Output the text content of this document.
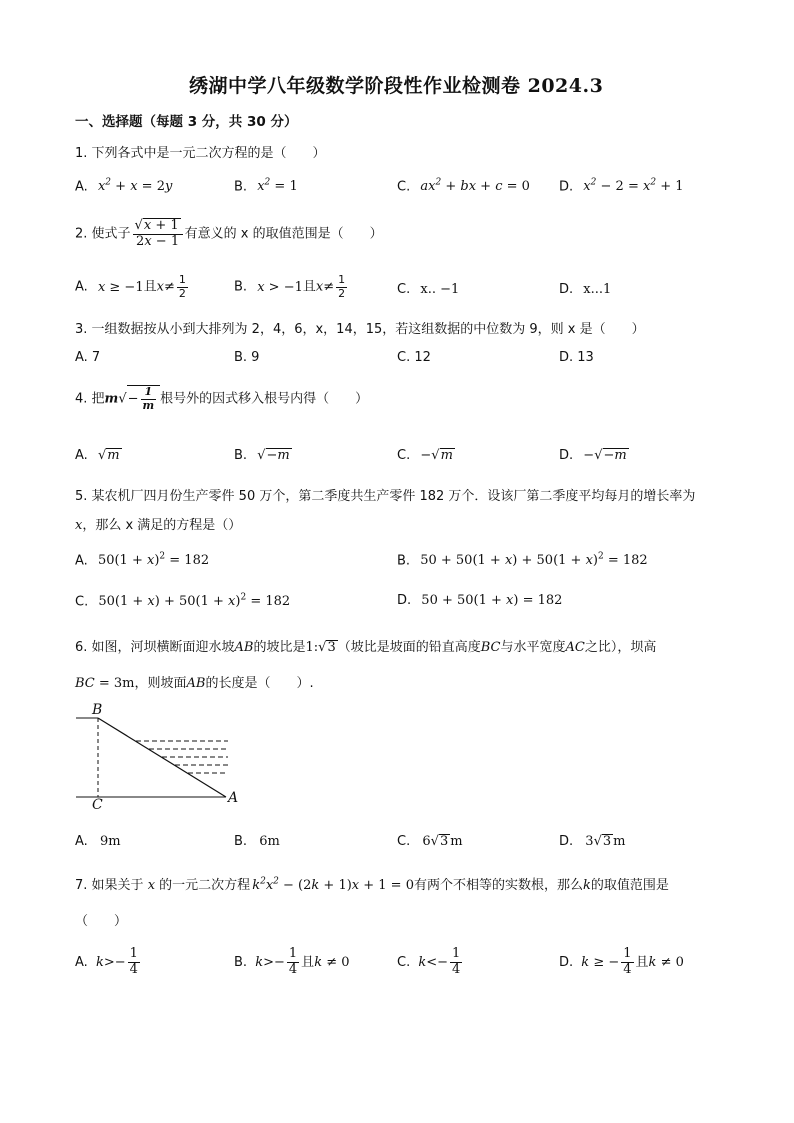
绣湖中学八年级数学阶段性作业检测卷 2024.3
一、选择题（每题 3 分，共 30 分）
1. 下列各式中是一元二次方程的是（　　）
A. $x^2 + x = 2y$	B. $x^2 = 1$	C. $ax^2$ + bx + c = 0 D. $x^2 - 2 = x^2 + 1$
2. 使式子 $\frac{√x + 1}{2x - 1}$ 有意义的 x 的取值范围是（　　）
A. x ≥ −1且$x\ne \frac{1}{2}$	B. x > −1且$x\ne \frac{1}{2}$	C. x.. −1	D. x...1
3. 一组数据按从小到大排列为 2，4，6，x，14，15，若这组数据的中位数为 9，则 x 是（　　）
A. 7	B. 9	C. 12	D. 13
4. 把$m√- \frac{1}{m}$ 根号外的因式移入根号内得（　　）
A. √m	B. √−m	C. −√m	D. −√−m
5. 某农机厂四月份生产零件 50 万个，第二季度共生产零件 182 万个．设该厂第二季度平均每月的增长率为
x，那么 x 满足的方程是（）
A. $50(1 + x)^2 = 182$	B. $50 + 50(1 + x) + 50(1 + x)^2 = 182$
C. $50(1 + x) + 50(1 + x)^2 = 182$	D. 50 + 50(1 + x) = 182
6. 如图，河坝横断面迎水坡AB的坡比是1:√3 （坡比是坡面的铅直高度BC与水平宽度AC之比），坝高
BC = 3m，则坡面AB的长度是（　　）.
B
C	A
A. 9m	B. 6m	C. 6√3 m	D. 3√3 m
7. 如果关于 x 的一元二次方程 $k^2x^2 - (2k + 1)x + 1 = 0$有两个不相等的实数根，那么k的取值范围是
（　　）
A. $k>- \frac{1}{4}$	B. $k>- \frac{1}{4}$ 且k ≠ 0	C. $k<- \frac{1}{4}$	D. k ≥ − $\frac{1}{4}$ 且k ≠ 0
